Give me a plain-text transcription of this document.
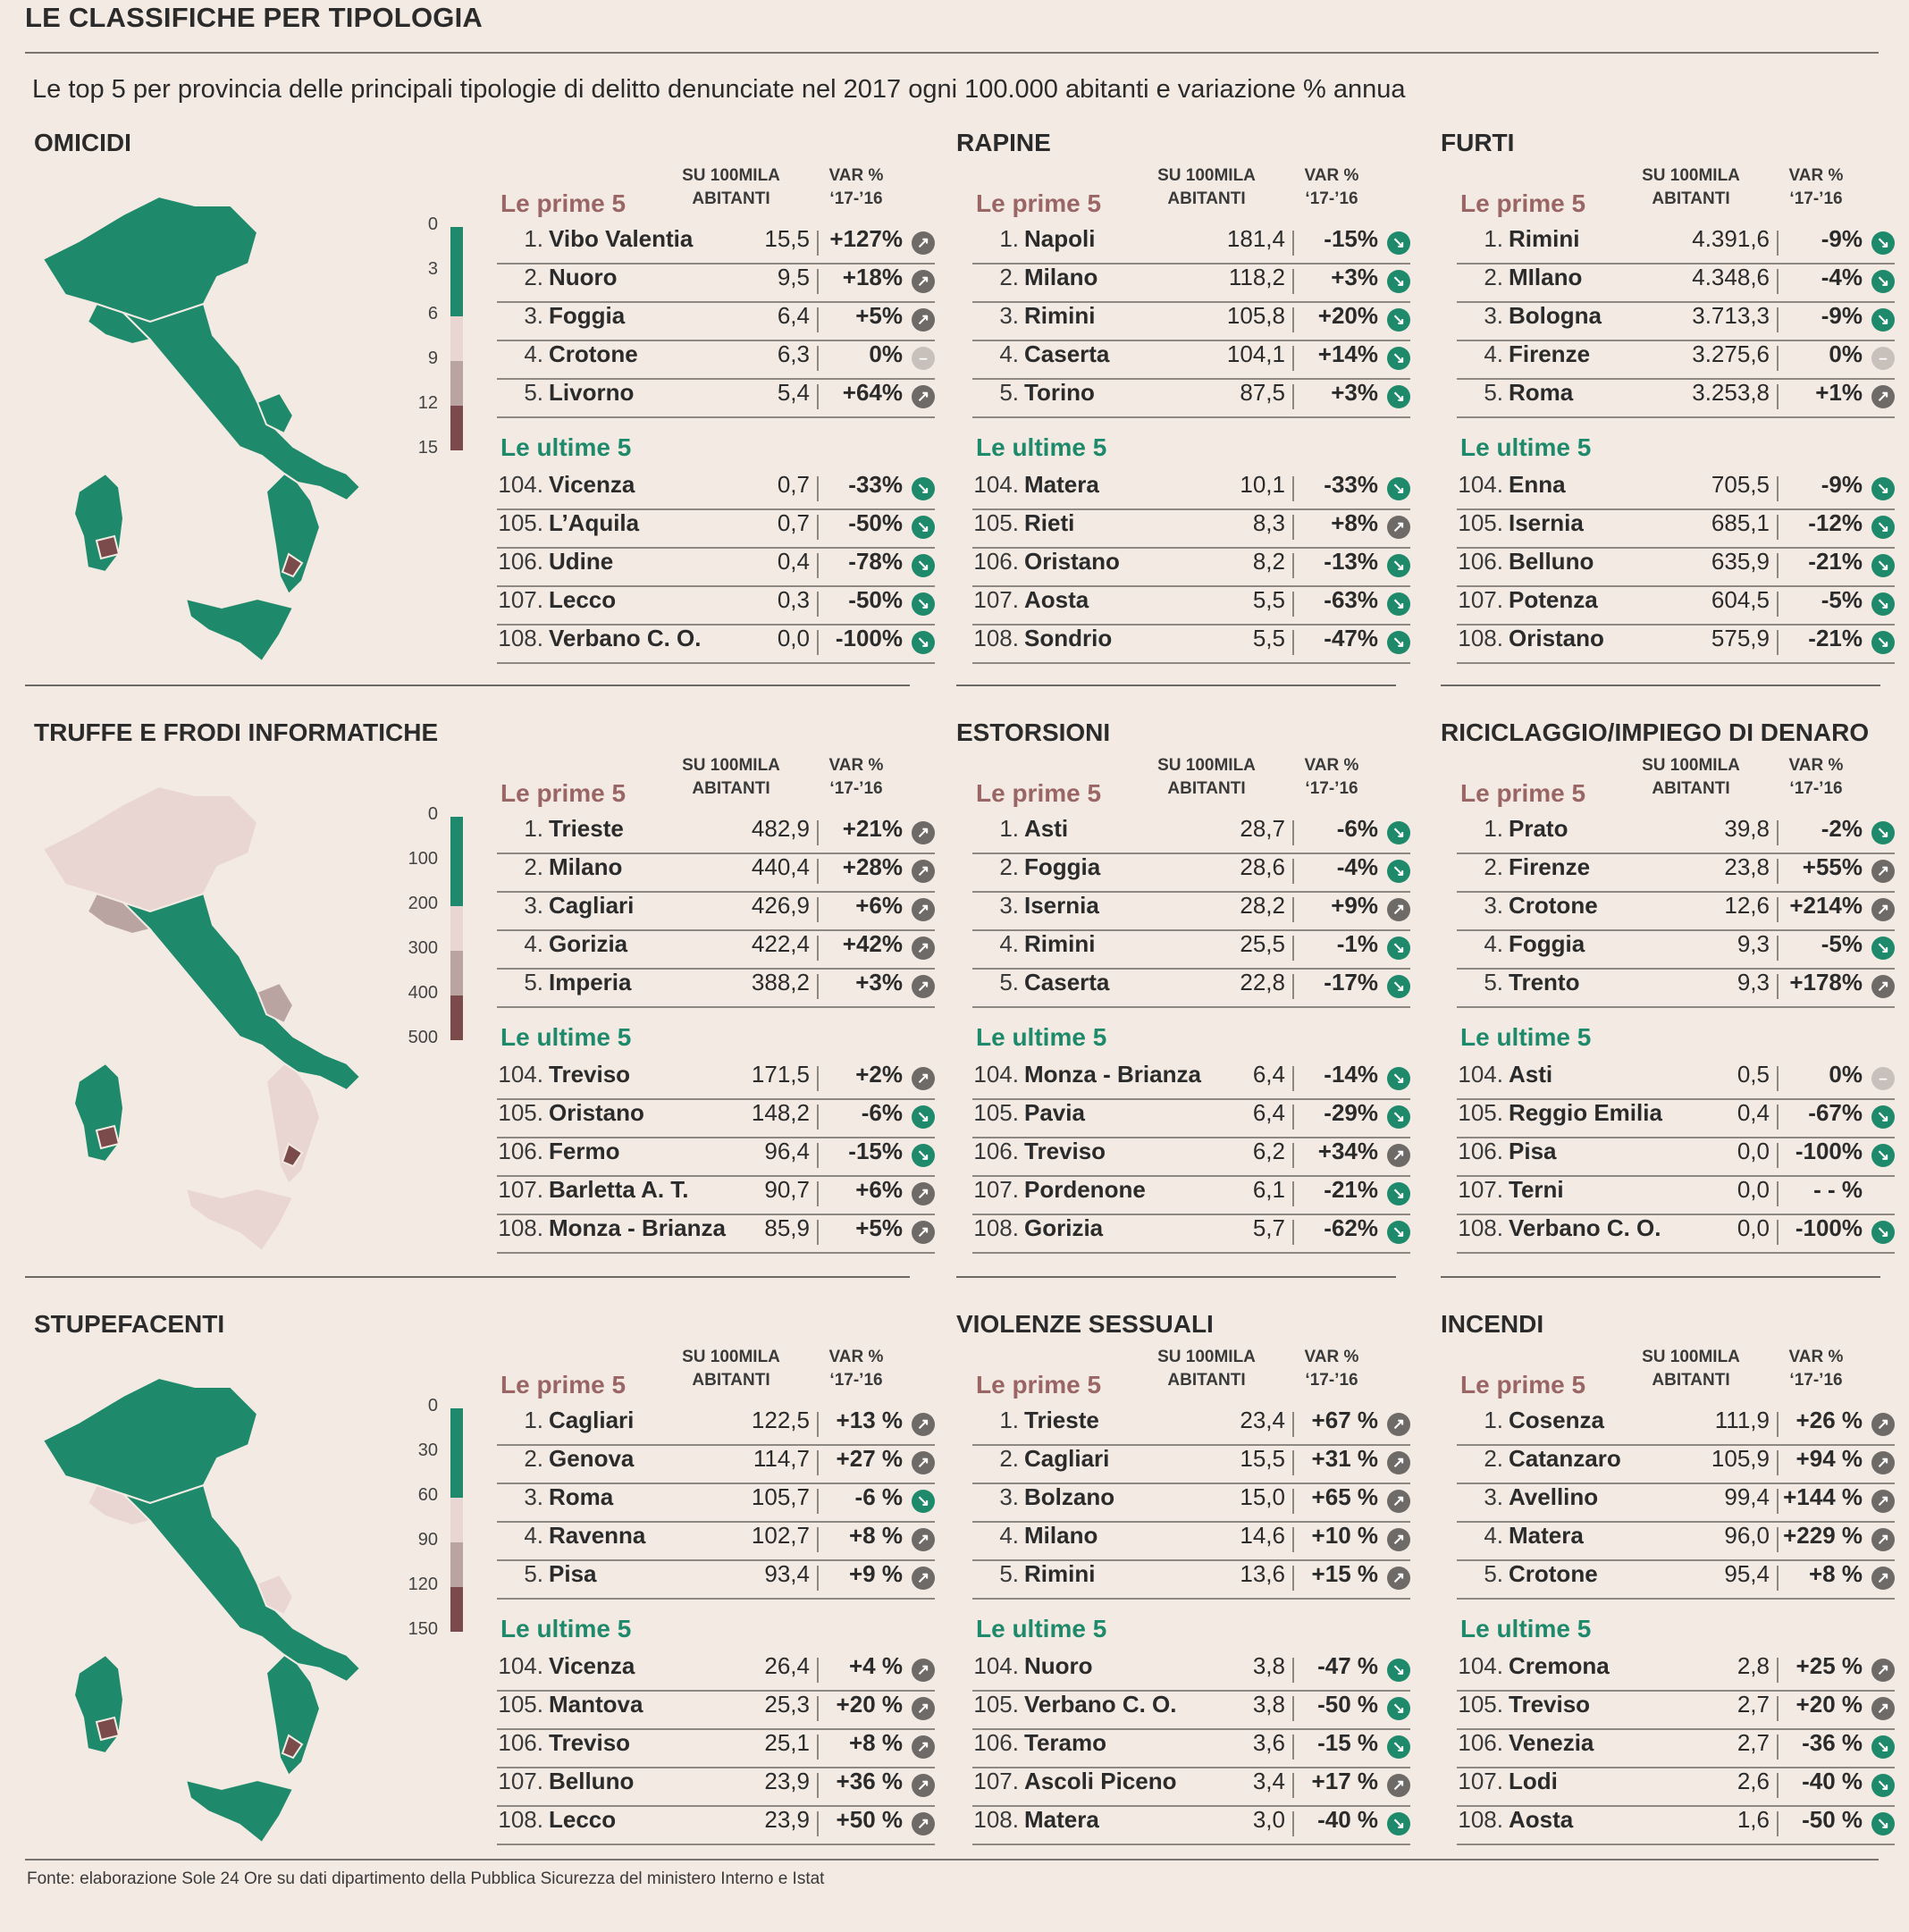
LE CLASSIFICHE PER TIPOLOGIA
Le top 5 per provincia delle principali tipologie di delitto denunciate nel 2017 ogni 100.000 abitanti e variazione % annua
OMICIDI
0
3
6
9
12
15
SU 100MILA
ABITANTI
VAR %
‘17-’16
Le prime 5
Le ultime 5
1. Vibo Valentia	15,5 +127% ↗
2. Nuoro	9,5 +18% ↗
3. Foggia	6,4 +5% ↗
4. Crotone	6,3	0%	–
5. Livorno	5,4 +64% ↗
104. Vicenza	0,7 -33% ↘
105. L’Aquila	0,7 -50% ↘
106. Udine	0,4 -78% ↘
107. Lecco	0,3 -50% ↘
108. Verbano C. O.	0,0 -100% ↘
RAPINE
SU 100MILA
ABITANTI
VAR %
‘17-’16
Le prime 5
Le ultime 5
1. Napoli	181,4 -15% ↘
2. Milano	118,2 +3% ↘
3. Rimini	105,8 +20% ↘
4. Caserta	104,1 +14% ↘
5. Torino	87,5 +3% ↘
104. Matera	10,1 -33% ↘
105. Rieti	8,3 +8% ↗
106. Oristano	8,2 -13% ↘
107. Aosta	5,5 -63% ↘
108. Sondrio	5,5 -47% ↘
FURTI
SU 100MILA
ABITANTI
VAR %
‘17-’16
Le prime 5
Le ultime 5
1. Rimini	4.391,6 -9% ↘
2. MIlano	4.348,6 -4% ↘
3. Bologna	3.713,3 -9% ↘
4. Firenze	3.275,6	0%	–
5. Roma	3.253,8 +1% ↗
104. Enna	705,5 -9% ↘
105. Isernia	685,1 -12% ↘
106. Belluno	635,9 -21% ↘
107. Potenza	604,5 -5% ↘
108. Oristano	575,9 -21% ↘
TRUFFE E FRODI INFORMATICHE
0
100
200
300
400
500
SU 100MILA
ABITANTI
VAR %
‘17-’16
Le prime 5
Le ultime 5
1. Trieste	482,9 +21% ↗
2. Milano	440,4 +28% ↗
3. Cagliari	426,9 +6% ↗
4. Gorizia	422,4 +42% ↗
5. Imperia	388,2 +3% ↗
104. Treviso	171,5 +2% ↗
105. Oristano	148,2 -6% ↘
106. Fermo	96,4 -15% ↘
107. Barletta A. T.	90,7 +6% ↗
108. Monza - Brianza 85,9 +5% ↗
ESTORSIONI
SU 100MILA
ABITANTI
VAR %
‘17-’16
Le prime 5
Le ultime 5
1. Asti	28,7 -6% ↘
2. Foggia	28,6 -4% ↘
3. Isernia	28,2 +9% ↗
4. Rimini	25,5 -1% ↘
5. Caserta	22,8 -17% ↘
104. Monza - Brianza 6,4 -14% ↘
105. Pavia	6,4 -29% ↘
106. Treviso	6,2 +34% ↗
107. Pordenone	6,1 -21% ↘
108. Gorizia	5,7 -62% ↘
RICICLAGGIO/IMPIEGO DI DENARO
SU 100MILA
ABITANTI
VAR %
‘17-’16
Le prime 5
Le ultime 5
1. Prato	39,8 -2% ↘
2. Firenze	23,8 +55% ↗
3. Crotone	12,6 +214% ↗
4. Foggia	9,3 -5% ↘
5. Trento	9,3 +178% ↗
104. Asti	0,5	0%	–
105. Reggio Emilia	0,4 -67% ↘
106. Pisa	0,0 -100% ↘
107. Terni	0,0 - - %
108. Verbano C. O.	0,0 -100% ↘
STUPEFACENTI
0
30
60
90
120
150
SU 100MILA
ABITANTI
VAR %
‘17-’16
Le prime 5
Le ultime 5
1. Cagliari	122,5 +13 % ↗
2. Genova	114,7 +27 % ↗
3. Roma	105,7 -6 % ↘
4. Ravenna	102,7 +8 % ↗
5. Pisa	93,4 +9 % ↗
104. Vicenza	26,4 +4 % ↗
105. Mantova	25,3 +20 % ↗
106. Treviso	25,1 +8 % ↗
107. Belluno	23,9 +36 % ↗
108. Lecco	23,9 +50 % ↗
VIOLENZE SESSUALI
SU 100MILA
ABITANTI
VAR %
‘17-’16
Le prime 5
Le ultime 5
1. Trieste	23,4 +67 % ↗
2. Cagliari	15,5 +31 % ↗
3. Bolzano	15,0 +65 % ↗
4. Milano	14,6 +10 % ↗
5. Rimini	13,6 +15 % ↗
104. Nuoro	3,8 -47 % ↘
105. Verbano C. O.	3,8 -50 % ↘
106. Teramo	3,6 -15 % ↘
107. Ascoli Piceno	3,4 +17 % ↗
108. Matera	3,0 -40 % ↘
INCENDI
SU 100MILA
ABITANTI
VAR %
‘17-’16
Le prime 5
Le ultime 5
1. Cosenza	111,9 +26 % ↗
2. Catanzaro	105,9 +94 % ↗
3. Avellino	99,4 +144 % ↗
4. Matera	96,0 +229 % ↗
5. Crotone	95,4 +8 % ↗
104. Cremona	2,8 +25 % ↗
105. Treviso	2,7 +20 % ↗
106. Venezia	2,7 -36 % ↘
107. Lodi	2,6 -40 % ↘
108. Aosta	1,6 -50 % ↘
Fonte: elaborazione Sole 24 Ore su dati dipartimento della Pubblica Sicurezza del ministero Interno e Istat
